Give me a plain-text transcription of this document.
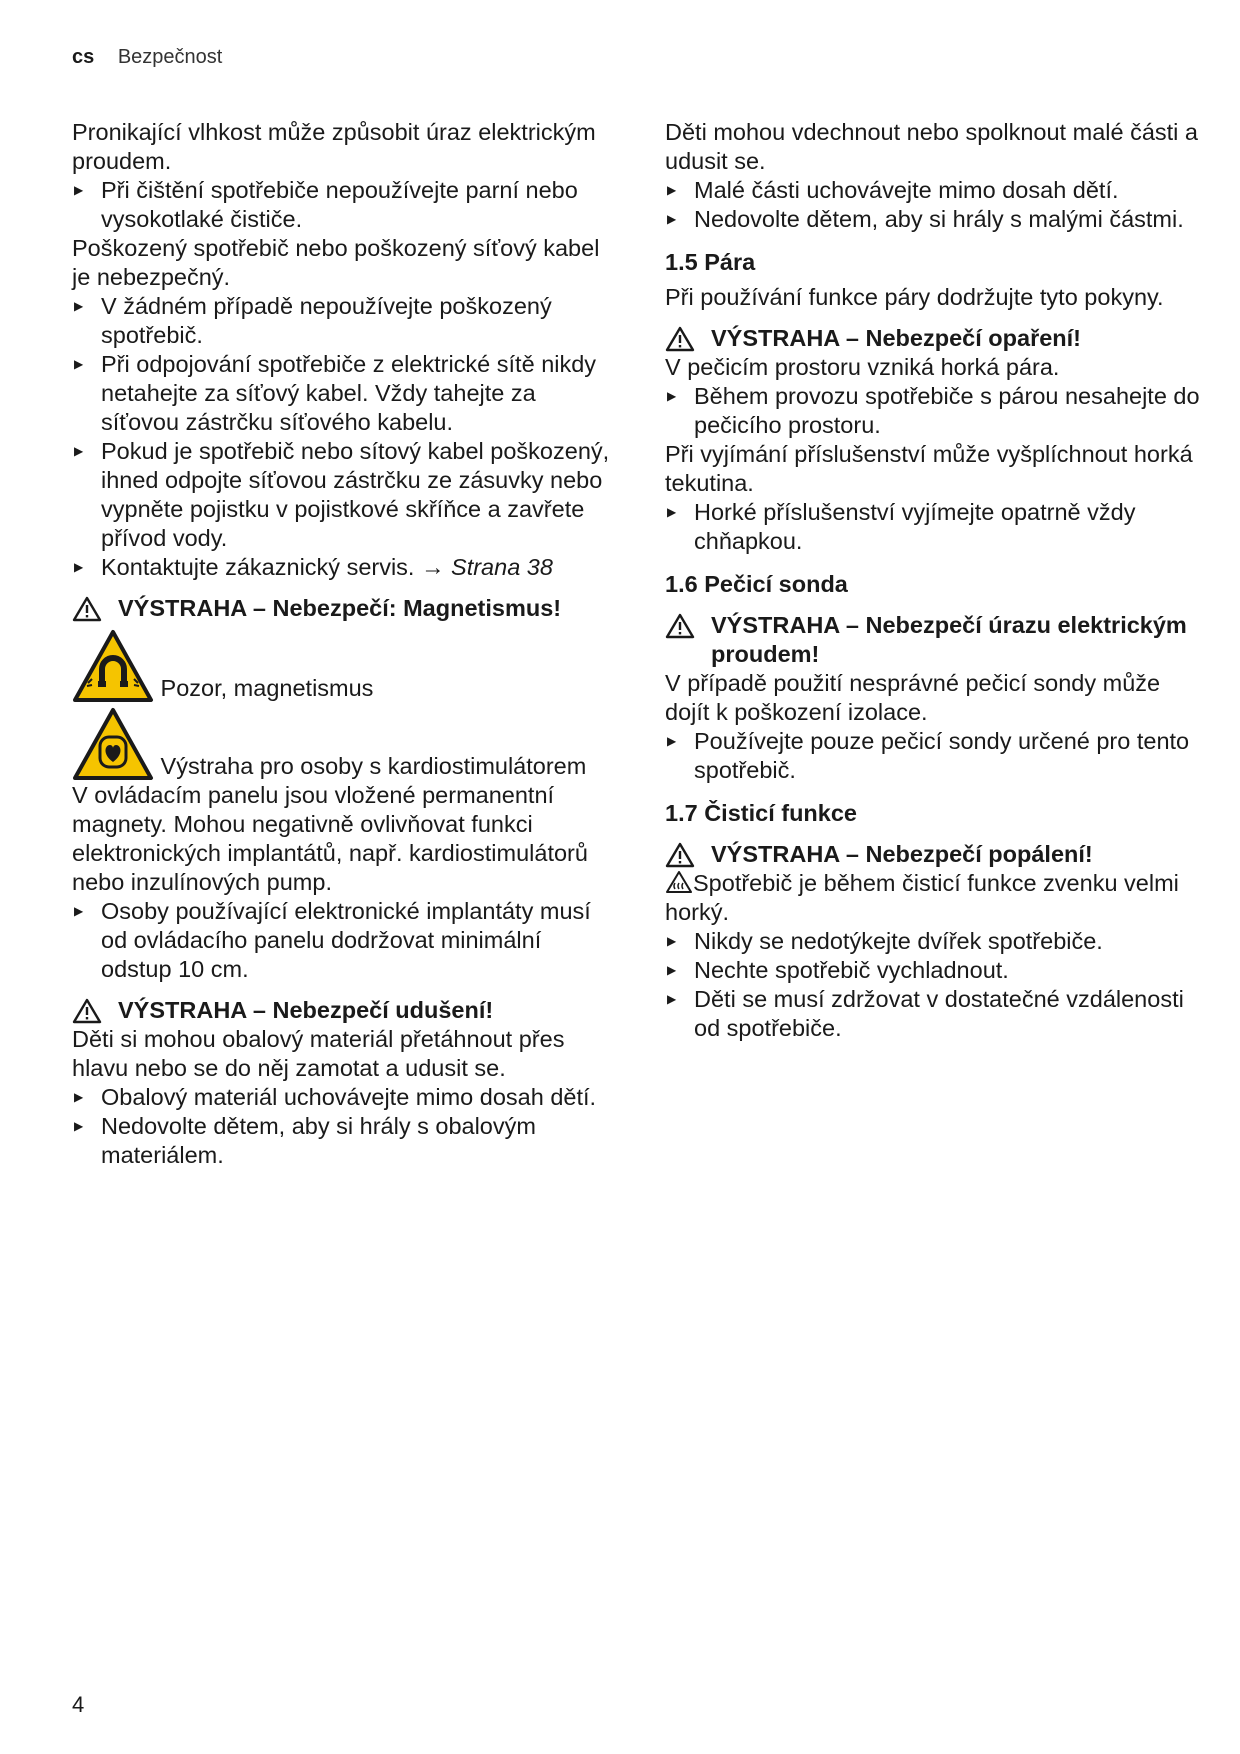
cs Bezpečnost

Pronikající vlhkost může způsobit úraz elektrickým proudem.

▶ Při čištění spotřebiče nepoužívejte parní nebo vysokotlaké čističe.

Poškozený spotřebič nebo poškozený síťový kabel je nebezpečný.

▶ V žádném případě nepoužívejte poškozený spotřebič.

▶ Při odpojování spotřebiče z elektrické sítě nikdy netahejte za síťový kabel. Vždy tahejte za síťovou zástrčku síťového kabelu.

▶ Pokud je spotřebič nebo sítový kabel poškozený, ihned odpojte síťovou zástrčku ze zásuvky nebo vypněte pojistku v pojistkové skříňce a zavřete přívod vody.

▶ Kontaktujte zákaznický servis. → Strana 38

VÝSTRAHA – Nebezpečí: Magnetismus!

Pozor, magnetismus
Výstraha pro osoby s kardiostimulátorem

V ovládacím panelu jsou vložené permanentní magnety. Mohou negativně ovlivňovat funkci elektronických implantátů, např. kardiostimulátorů nebo inzulínových pump.

▶ Osoby používající elektronické implantáty musí od ovládacího panelu dodržovat minimální odstup 10 cm.

VÝSTRAHA – Nebezpečí udušení!

Děti si mohou obalový materiál přetáhnout přes hlavu nebo se do něj zamotat a udusit se.

▶ Obalový materiál uchovávejte mimo dosah dětí.

▶ Nedovolte dětem, aby si hrály s obalovým materiálem.

Děti mohou vdechnout nebo spolknout malé části a udusit se.

▶ Malé části uchovávejte mimo dosah dětí.

▶ Nedovolte dětem, aby si hrály s malými částmi.

1.5 Pára

Při používání funkce páry dodržujte tyto pokyny.

VÝSTRAHA – Nebezpečí opaření!

V pečicím prostoru vzniká horká pára.

▶ Během provozu spotřebiče s párou nesahejte do pečicího prostoru.

Při vyjímání příslušenství může vyšplíchnout horká tekutina.

▶ Horké příslušenství vyjímejte opatrně vždy chňapkou.

1.6 Pečicí sonda

VÝSTRAHA – Nebezpečí úrazu elektrickým proudem!

V případě použití nesprávné pečicí sondy může dojít k poškození izolace.

▶ Používejte pouze pečicí sondy určené pro tento spotřebič.

1.7 Čisticí funkce

VÝSTRAHA – Nebezpečí popálení!

Spotřebič je během čisticí funkce zvenku velmi horký.

▶ Nikdy se nedotýkejte dvířek spotřebiče.

▶ Nechte spotřebič vychladnout.

▶ Děti se musí zdržovat v dostatečné vzdálenosti od spotřebiče.

4
